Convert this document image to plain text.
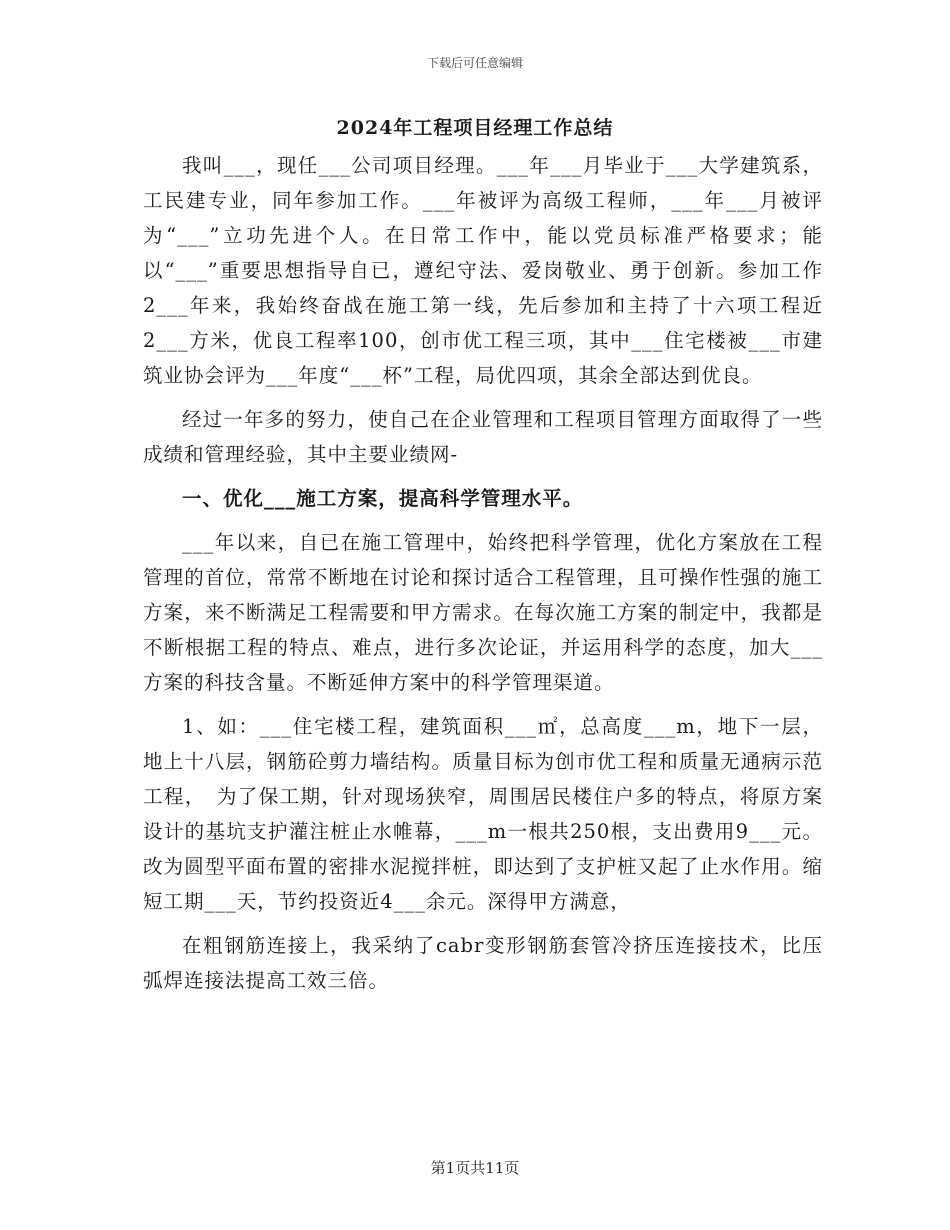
下载后可任意编辑
2024年工程项目经理工作总结

我叫___，现任___公司项目经理。___年___月毕业于___大学建筑系，工民建专业，同年参加工作。___年被评为高级工程师，___年___月被评为“___”立功先进个人。在日常工作中，能以党员标准严格要求；能以“___”重要思想指导自已，遵纪守法、爱岗敬业、勇于创新。参加工作2___年来，我始终奋战在施工第一线，先后参加和主持了十六项工程近2___方米，优良工程率100，创市优工程三项，其中___住宅楼被___市建筑业协会评为___年度“___杯”工程，局优四项，其余全部达到优良。

经过一年多的努力，使自己在企业管理和工程项目管理方面取得了一些成绩和管理经验，其中主要业绩网-

一、优化___施工方案，提高科学管理水平。

___年以来，自已在施工管理中，始终把科学管理，优化方案放在工程管理的首位，常常不断地在讨论和探讨适合工程管理，且可操作性强的施工方案，来不断满足工程需要和甲方需求。在每次施工方案的制定中，我都是不断根据工程的特点、难点，进行多次论证，并运用科学的态度，加大___方案的科技含量。不断延伸方案中的科学管理渠道。

1、如：___住宅楼工程，建筑面积___㎡，总高度___m，地下一层，地上十八层，钢筋砼剪力墙结构。质量目标为创市优工程和质量无通病示范工程，　为了保工期，针对现场狭窄，周围居民楼住户多的特点，将原方案设计的基坑支护灌注桩止水帷幕，___m一根共250根，支出费用9___元。改为圆型平面布置的密排水泥搅拌桩，即达到了支护桩又起了止水作用。缩短工期___天，节约投资近4___余元。深得甲方满意，

在粗钢筋连接上，我采纳了cabr变形钢筋套管冷挤压连接技术，比压弧焊连接法提高工效三倍。

第1页共11页
